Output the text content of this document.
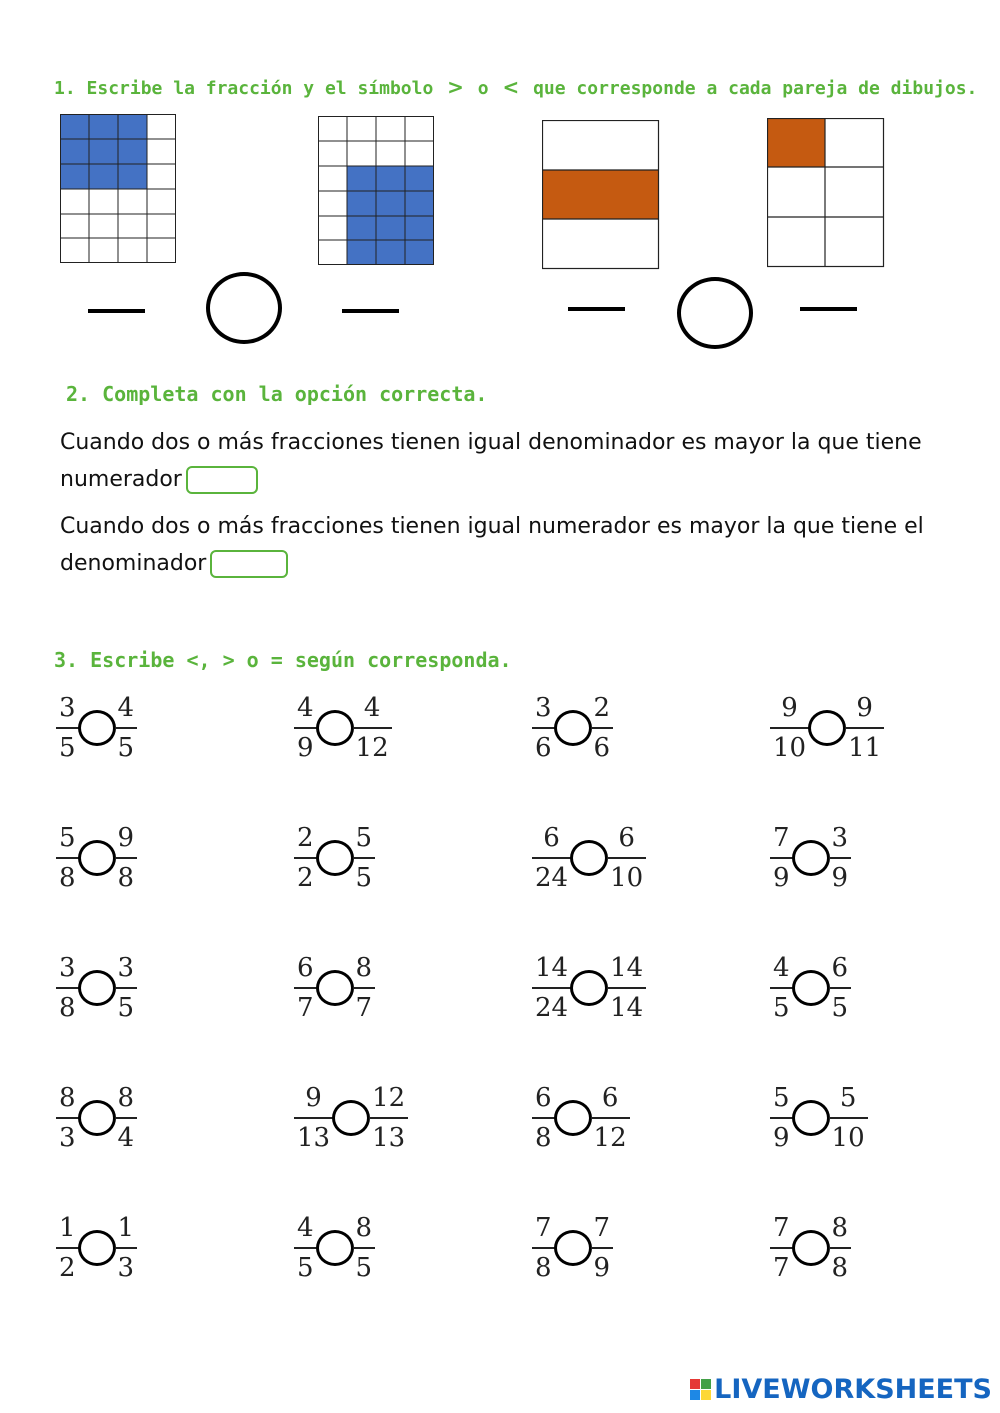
1. Escribe la fracción y el símbolo > o < que corresponde a cada pareja de dibujos.
2. Completa con la opción correcta.
Cuando dos o más fracciones tienen igual denominador es mayor la que tiene
numerador
Cuando dos o más fracciones tienen igual numerador es mayor la que tiene el
denominador
3. Escribe <, > o = según corresponda.
$\frac{3}{5} \frac{4}{5}$	$\frac{4}{9} \frac{4}{12}$	$\frac{3}{6} \frac{2}{6}$	$\frac{9}{10} \frac{9}{11}$
$\frac{5}{8} \frac{9}{8}$	$\frac{2}{2} \frac{5}{5}$	$\frac{6}{24} \frac{6}{10}$	$\frac{7}{9} \frac{3}{9}$
$\frac{3}{8} \frac{3}{5}$	$\frac{6}{7} \frac{8}{7}$	$\frac{14}{24} \frac{14}{14}$	$\frac{4}{5} \frac{6}{5}$
$\frac{8}{3} \frac{8}{4}$	$\frac{9}{13} \frac{12}{13}$	$\frac{6}{8} \frac{6}{12}$	$\frac{5}{9} \frac{5}{10}$
$\frac{1}{2} \frac{1}{3}$	$\frac{4}{5} \frac{8}{5}$	$\frac{7}{8} \frac{7}{9}$	$\frac{7}{7} \frac{8}{8}$
LIVEWORKSHEETS
